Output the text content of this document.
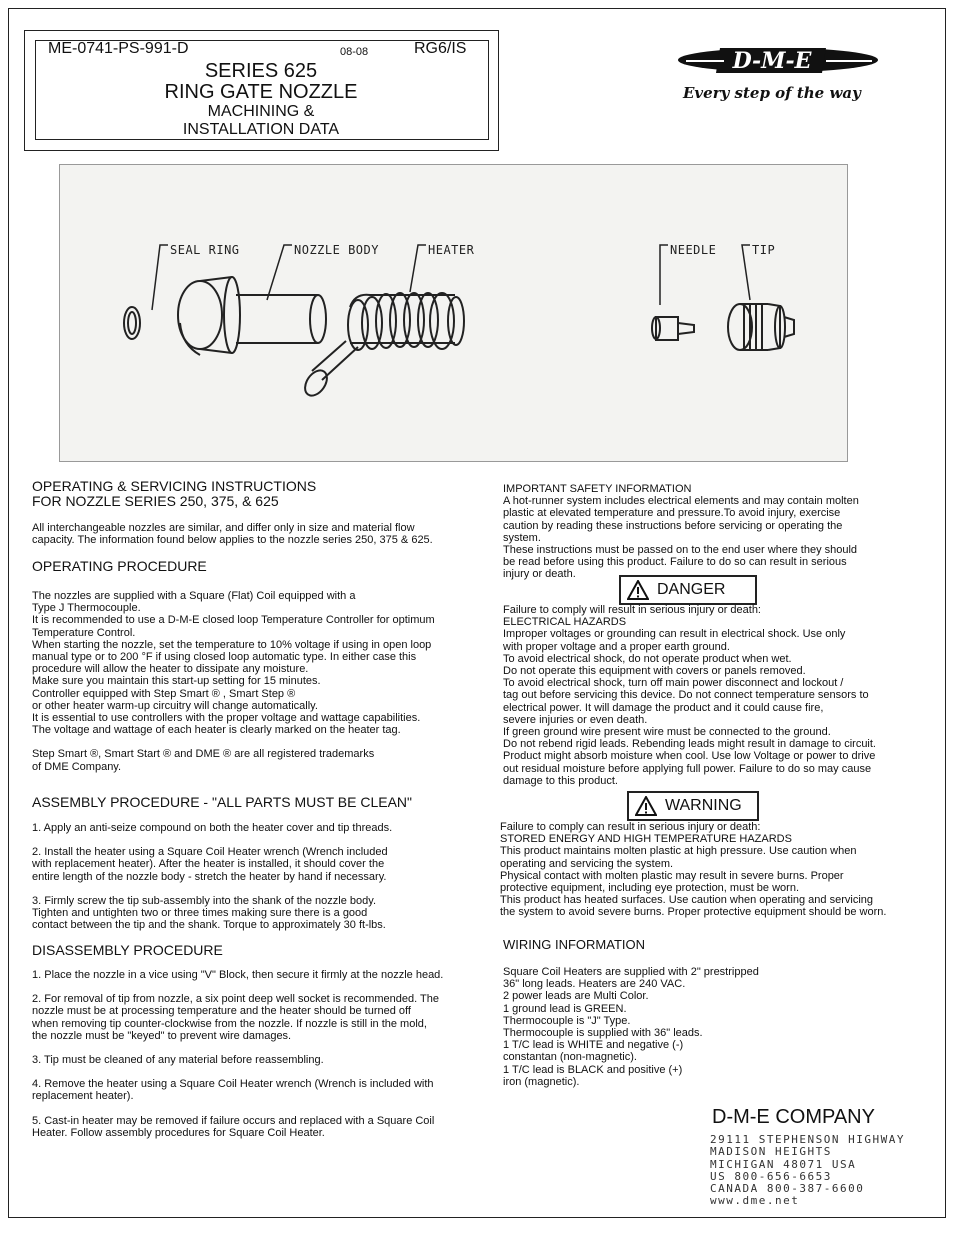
ME-0741-PS-991-D	08-08	RG6/IS
SERIES 625
RING GATE NOZZLE
MACHINING &
INSTALLATION DATA
D-M-E
Every step of the way
SEAL RING	NOZZLE BODY	HEATER	NEEDLE	TIP
OPERATING & SERVICING INSTRUCTIONS
FOR NOZZLE SERIES 250, 375, & 625
All interchangeable nozzles are similar, and differ only in size and material flow
capacity. The information found below applies to the nozzle series 250, 375 & 625.
OPERATING PROCEDURE
The nozzles are supplied with a Square (Flat) Coil equipped with a
Type J Thermocouple.
It is recommended to use a D-M-E closed loop Temperature Controller for optimum
Temperature Control.
When starting the nozzle, set the temperature to 10% voltage if using in open loop
manual type or to 200 °F if using closed loop automatic type. In either case this
procedure will allow the heater to dissipate any moisture.
Make sure you maintain this start-up setting for 15 minutes.
Controller equipped with Step Smart ® , Smart Step ®
or other heater warm-up circuitry will change automatically.
It is essential to use controllers with the proper voltage and wattage capabilities.
The voltage and wattage of each heater is clearly marked on the heater tag.
Step Smart ®, Smart Start ® and DME ® are all registered trademarks
of DME Company.
ASSEMBLY PROCEDURE - "ALL PARTS MUST BE CLEAN"
1. Apply an anti-seize compound on both the heater cover and tip threads.
2. Install the heater using a Square Coil Heater wrench (Wrench included
with replacement heater). After the heater is installed, it should cover the
entire length of the nozzle body - stretch the heater by hand if necessary.
3. Firmly screw the tip sub-assembly into the shank of the nozzle body.
Tighten and untighten two or three times making sure there is a good
contact between the tip and the shank. Torque to approximately 30 ft-lbs.
DISASSEMBLY PROCEDURE
1. Place the nozzle in a vice using "V" Block, then secure it firmly at the nozzle head.
2. For removal of tip from nozzle, a six point deep well socket is recommended. The
nozzle must be at processing temperature and the heater should be turned off
when removing tip counter-clockwise from the nozzle. If nozzle is still in the mold,
the nozzle must be "keyed" to prevent wire damages.
3. Tip must be cleaned of any material before reassembling.
4. Remove the heater using a Square Coil Heater wrench (Wrench is included with
replacement heater).
5. Cast-in heater may be removed if failure occurs and replaced with a Square Coil
Heater. Follow assembly procedures for Square Coil Heater.
IMPORTANT SAFETY INFORMATION
A hot-runner system includes electrical elements and may contain molten
plastic at elevated temperature and pressure.To avoid injury, exercise
caution by reading these instructions before servicing or operating the
system.
These instructions must be passed on to the end user where they should
be read before using this product. Failure to do so can result in serious
injury or death.
DANGER
Failure to comply will result in serious injury or death:
ELECTRICAL HAZARDS
Improper voltages or grounding can result in electrical shock. Use only
with proper voltage and a proper earth ground.
To avoid electrical shock, do not operate product when wet.
Do not operate this equipment with covers or panels removed.
To avoid electrical shock, turn off main power disconnect and lockout /
tag out before servicing this device. Do not connect temperature sensors to
electrical power. It will damage the product and it could cause fire,
severe injuries or even death.
If green ground wire present wire must be connected to the ground.
Do not rebend rigid leads. Rebending leads might result in damage to circuit.
Product might absorb moisture when cool. Use low Voltage or power to drive
out residual moisture before applying full power. Failure to do so may cause
damage to this product.
WARNING
Failure to comply can result in serious injury or death:
STORED ENERGY AND HIGH TEMPERATURE HAZARDS
This product maintains molten plastic at high pressure. Use caution when
operating and servicing the system.
Physical contact with molten plastic may result in severe burns. Proper
protective equipment, including eye protection, must be worn.
This product has heated surfaces. Use caution when operating and servicing
the system to avoid severe burns. Proper protective equipment should be worn.
WIRING INFORMATION
Square Coil Heaters are supplied with 2" prestripped
36" long leads. Heaters are 240 VAC.
2 power leads are Multi Color.
1 ground lead is GREEN.
Thermocouple is "J" Type.
Thermocouple is supplied with 36" leads.
1 T/C lead is WHITE and negative (-)
constantan (non-magnetic).
1 T/C lead is BLACK and positive (+)
iron (magnetic).
D-M-E COMPANY
29111 STEPHENSON HIGHWAY
MADISON HEIGHTS
MICHIGAN 48071 USA
US 800-656-6653
CANADA 800-387-6600
www.dme.net
